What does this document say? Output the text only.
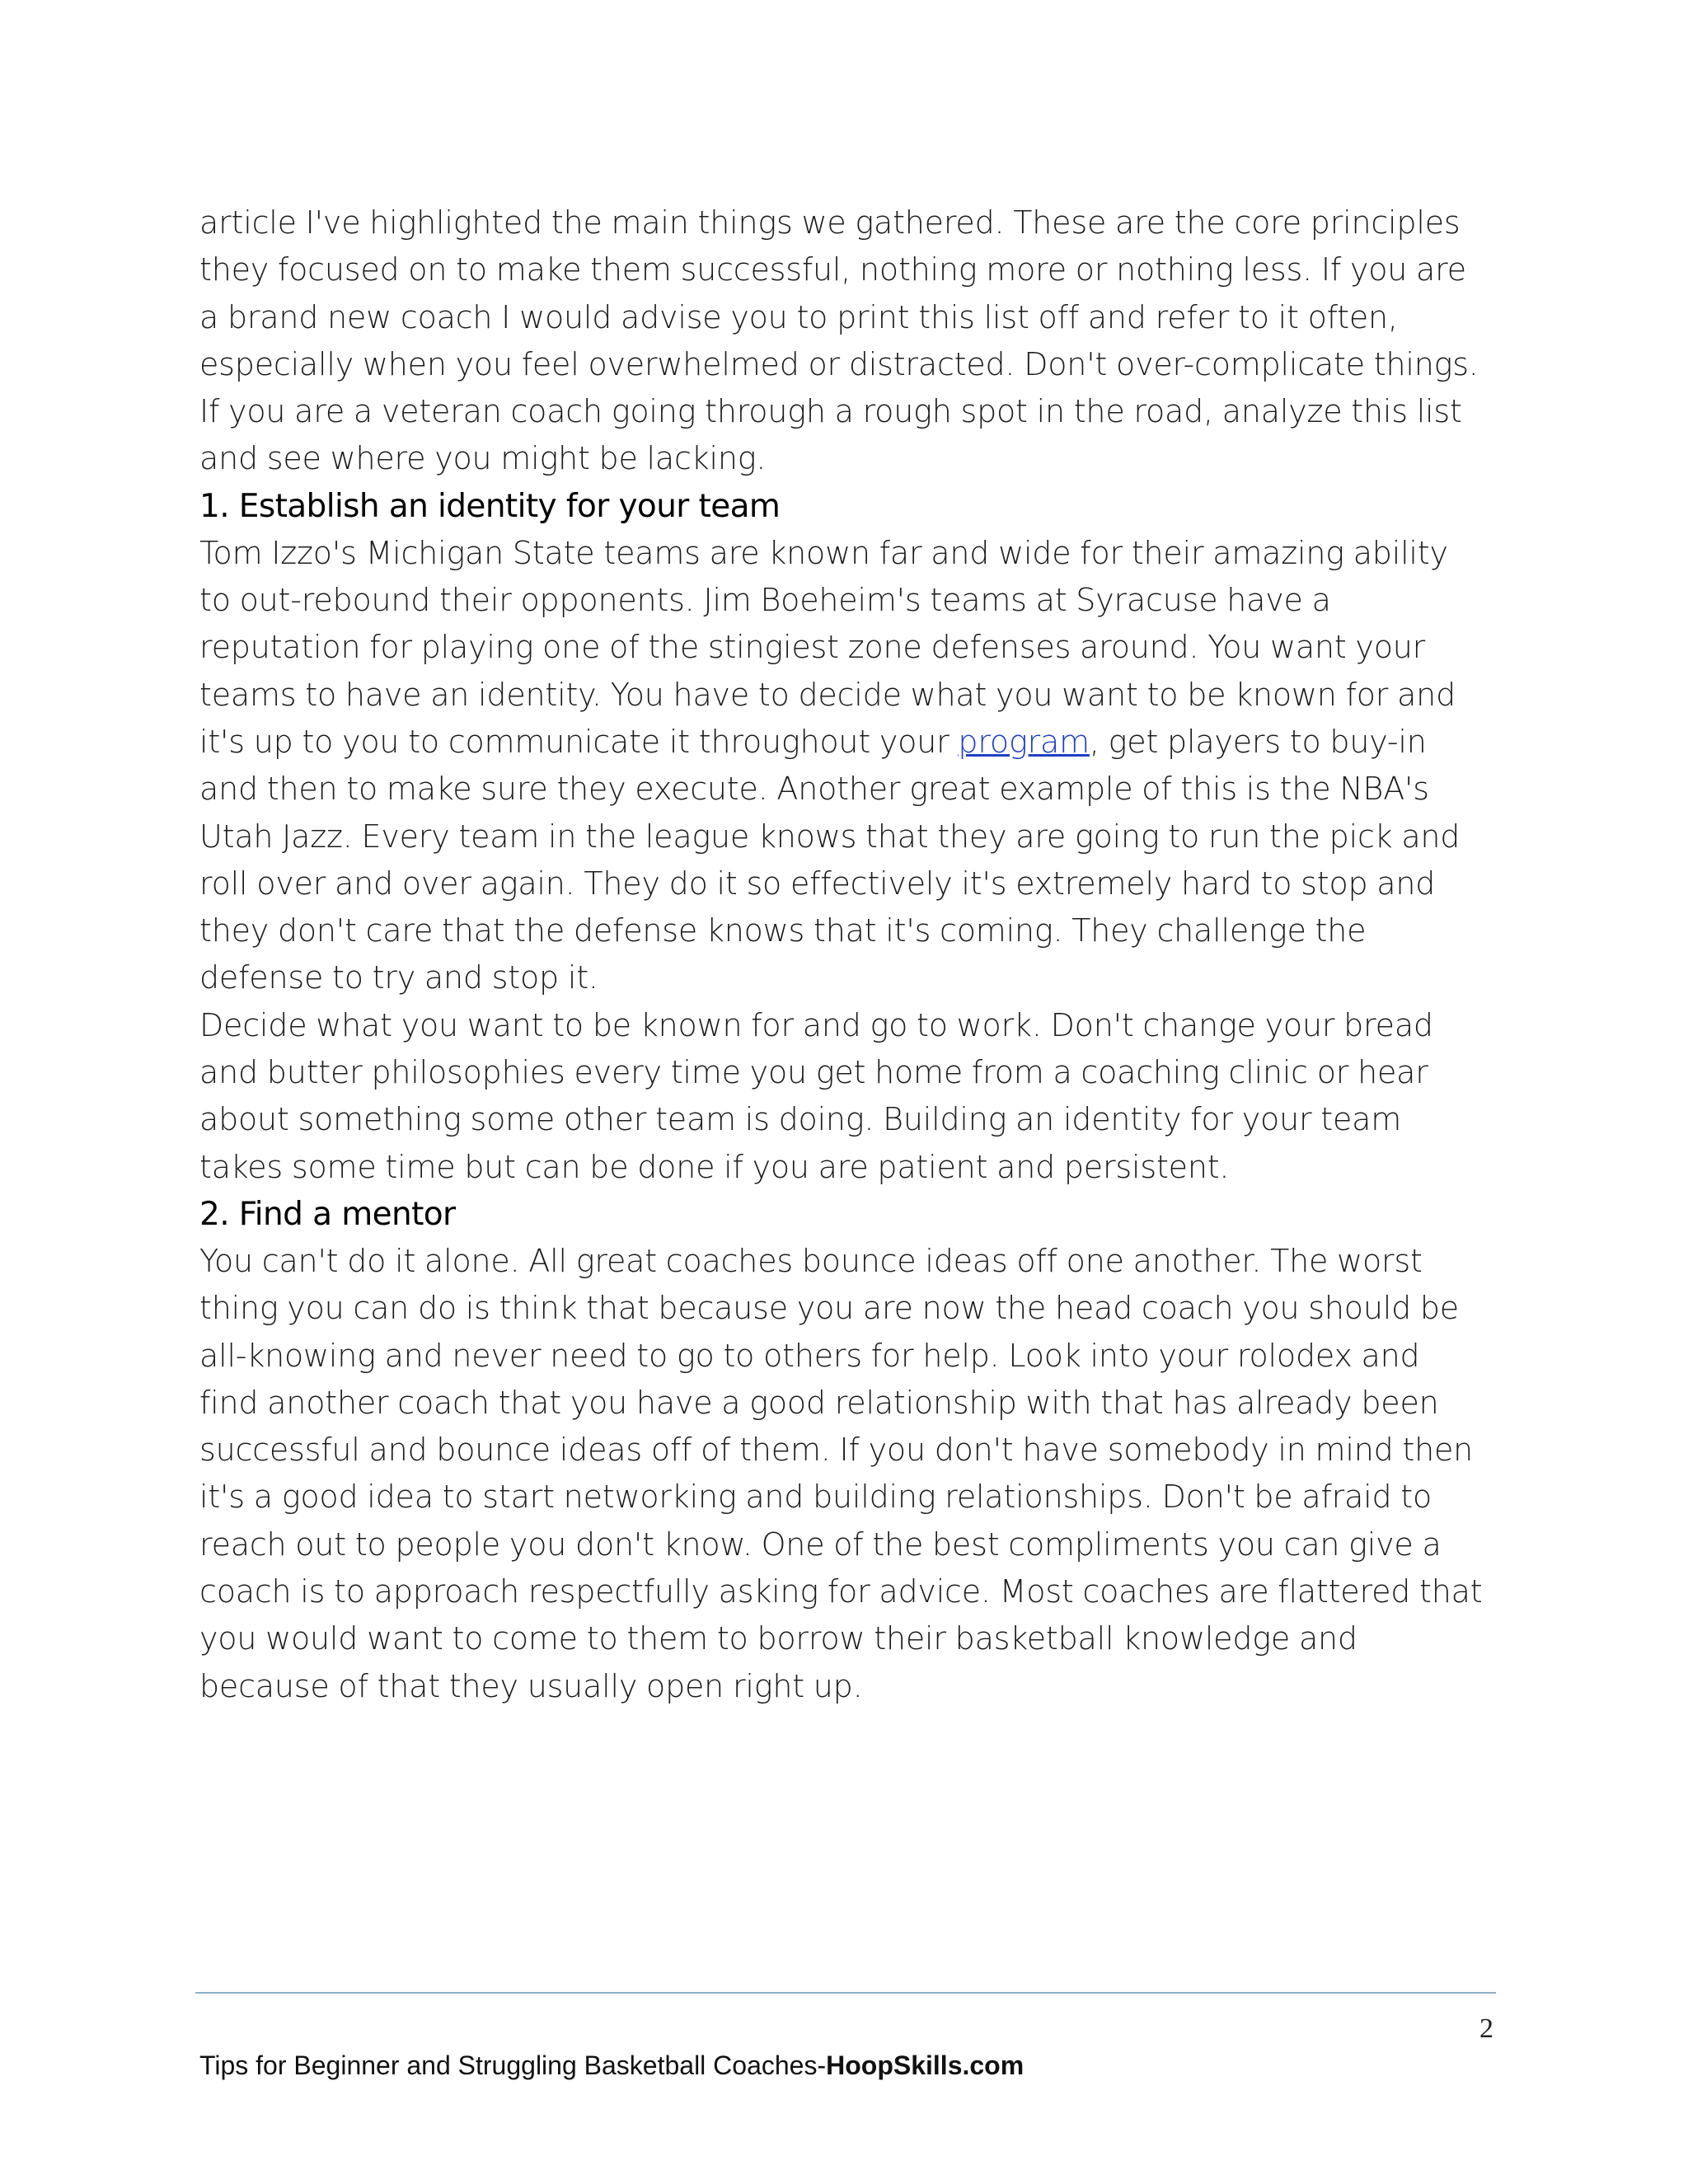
article I've highlighted the main things we gathered. These are the core principles
they focused on to make them successful, nothing more or nothing less. If you are
a brand new coach I would advise you to print this list off and refer to it often,
especially when you feel overwhelmed or distracted. Don't over-complicate things.
If you are a veteran coach going through a rough spot in the road, analyze this list
and see where you might be lacking.

1. Establish an identity for your team

Tom Izzo's Michigan State teams are known far and wide for their amazing ability
to out-rebound their opponents. Jim Boeheim's teams at Syracuse have a
reputation for playing one of the stingiest zone defenses around. You want your
teams to have an identity. You have to decide what you want to be known for and
it's up to you to communicate it throughout your program, get players to buy-in
and then to make sure they execute. Another great example of this is the NBA's
Utah Jazz. Every team in the league knows that they are going to run the pick and
roll over and over again. They do it so effectively it's extremely hard to stop and
they don't care that the defense knows that it's coming. They challenge the
defense to try and stop it.

Decide what you want to be known for and go to work. Don't change your bread
and butter philosophies every time you get home from a coaching clinic or hear
about something some other team is doing. Building an identity for your team
takes some time but can be done if you are patient and persistent.

2. Find a mentor

You can't do it alone. All great coaches bounce ideas off one another. The worst
thing you can do is think that because you are now the head coach you should be
all-knowing and never need to go to others for help. Look into your rolodex and
find another coach that you have a good relationship with that has already been
successful and bounce ideas off of them. If you don't have somebody in mind then
it's a good idea to start networking and building relationships. Don't be afraid to
reach out to people you don't know. One of the best compliments you can give a
coach is to approach respectfully asking for advice. Most coaches are flattered that
you would want to come to them to borrow their basketball knowledge and
because of that they usually open right up.

2
Tips for Beginner and Struggling Basketball Coaches-HoopSkills.com
